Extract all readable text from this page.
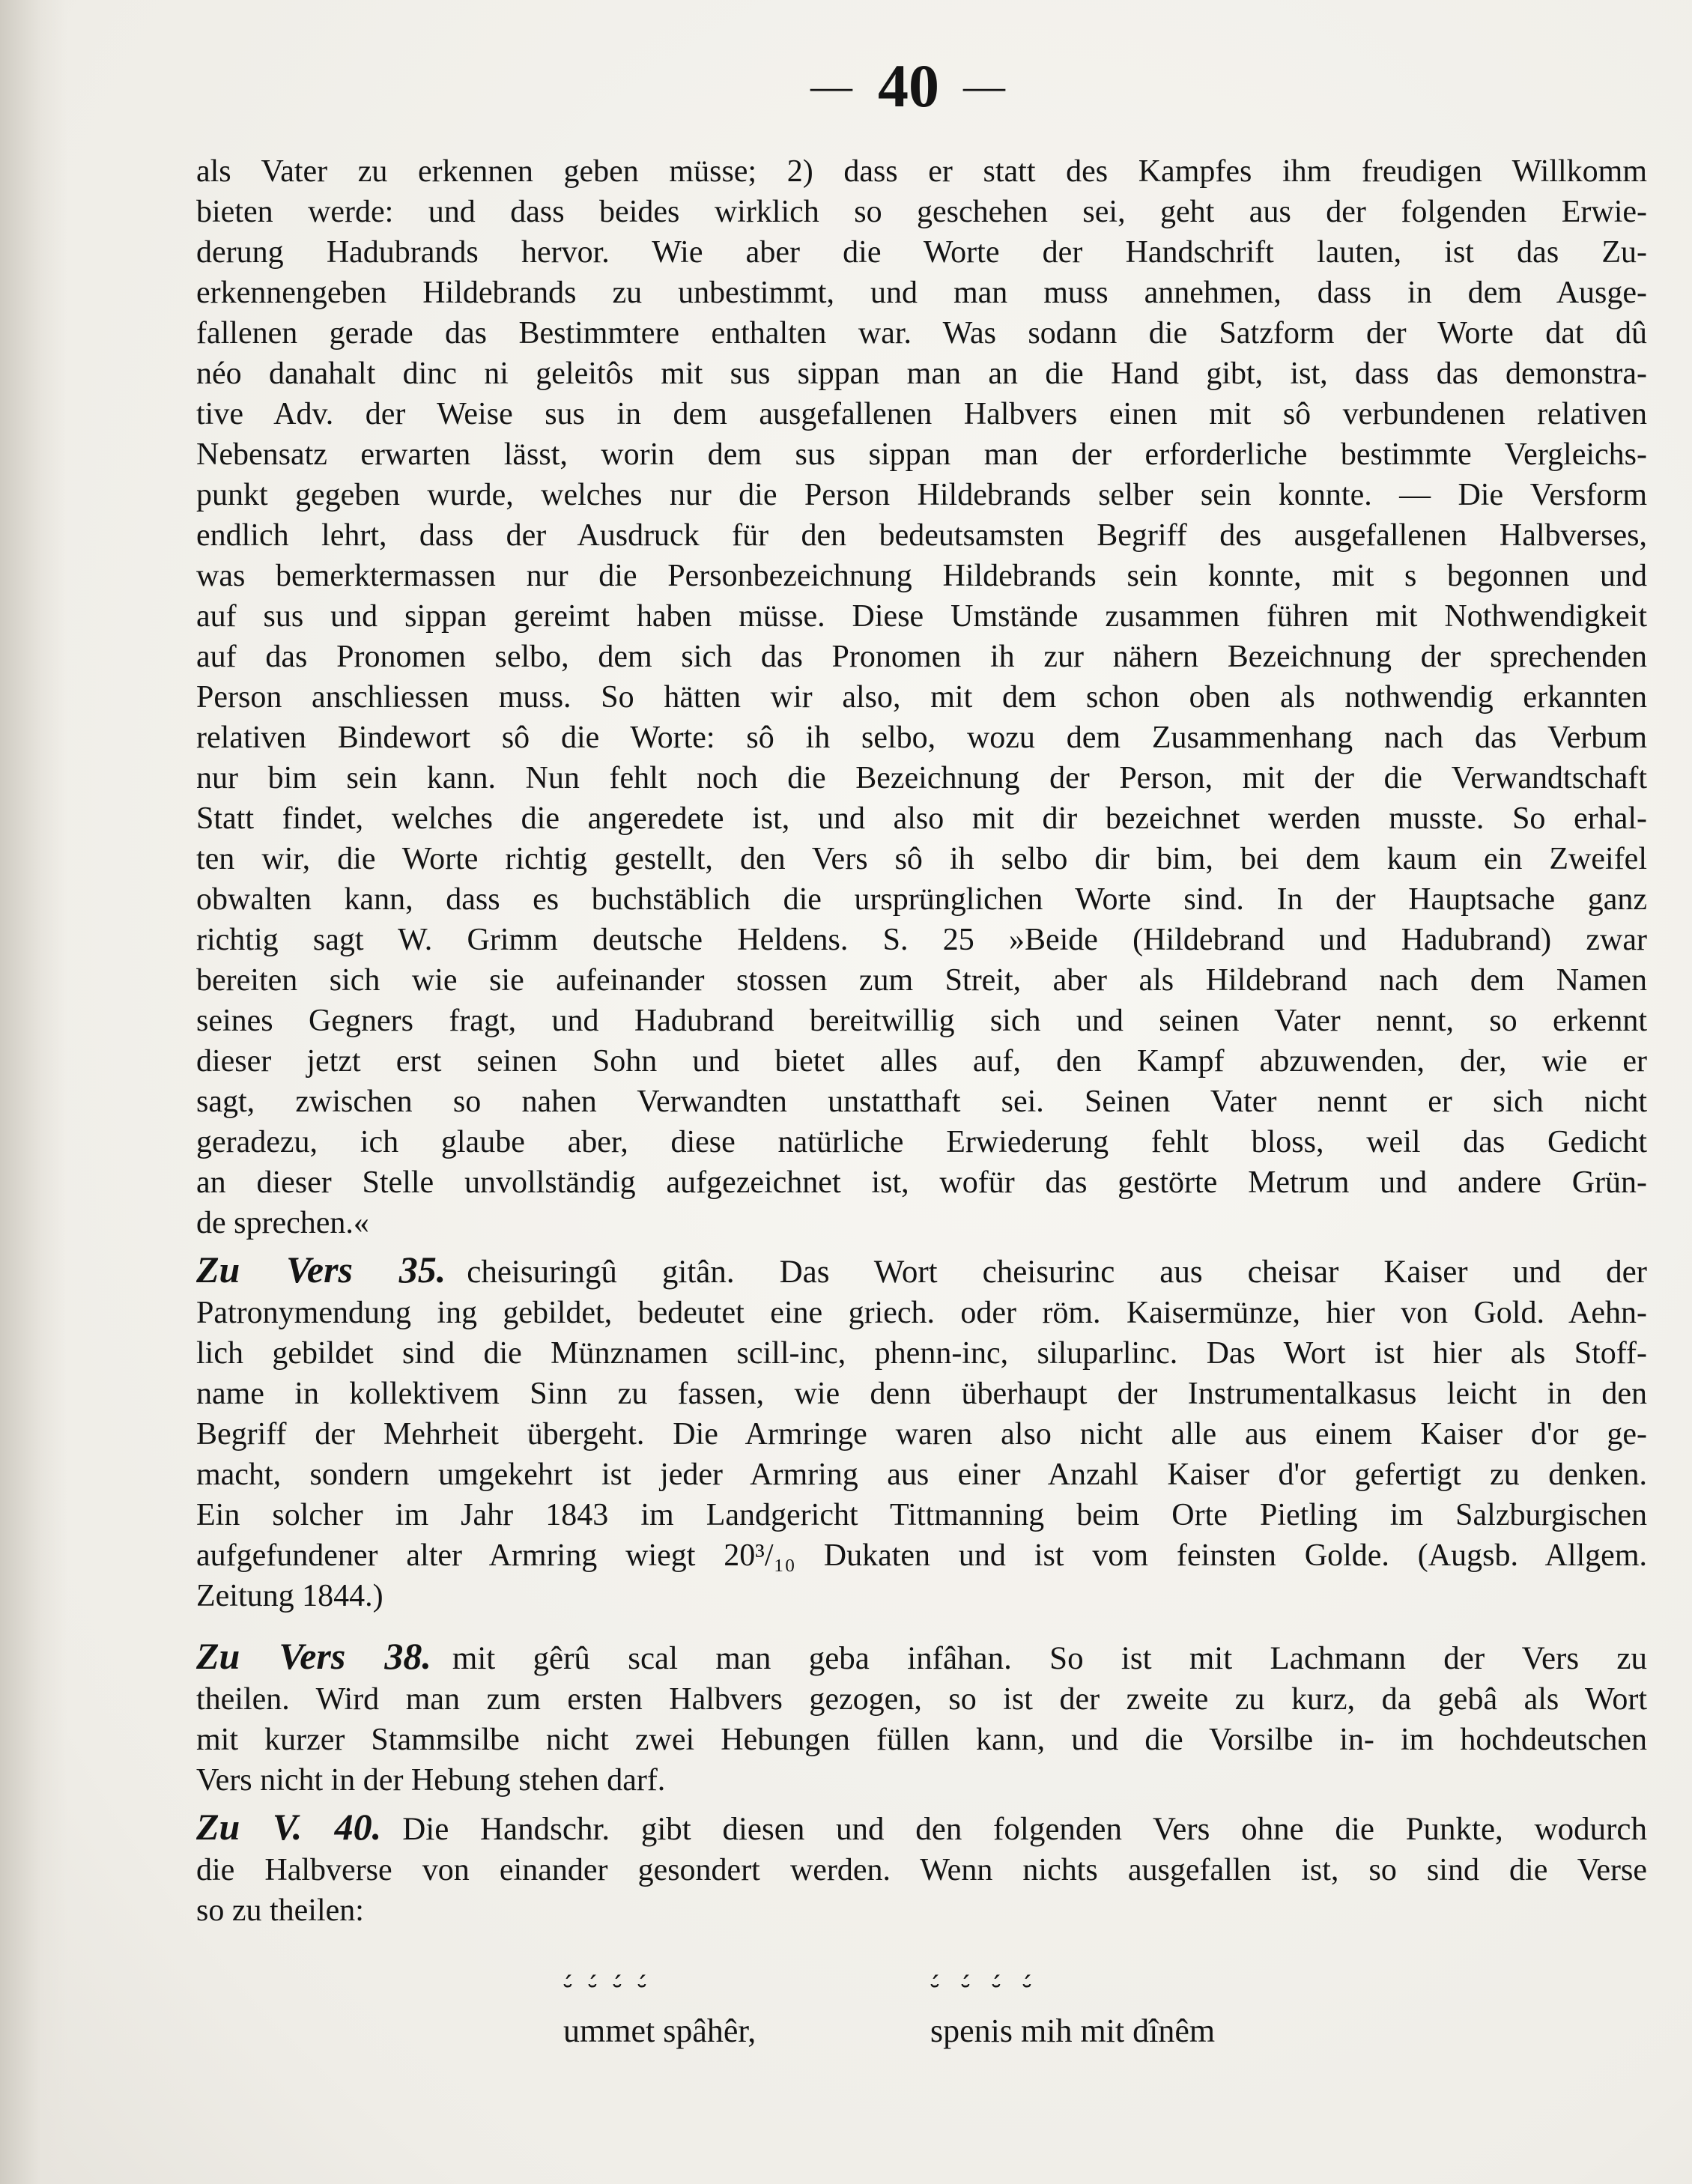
— 40 —
als Vater zu erkennen geben müsse; 2) dass er statt des Kampfes ihm freudigen Willkomm
bieten werde: und dass beides wirklich so geschehen sei, geht aus der folgenden Erwie-
derung Hadubrands hervor. Wie aber die Worte der Handschrift lauten, ist das Zu-
erkennengeben Hildebrands zu unbestimmt, und man muss annehmen, dass in dem Ausge-
fallenen gerade das Bestimmtere enthalten war. Was sodann die Satzform der Worte dat dû
néo danahalt dinc ni geleitôs mit sus sippan man an die Hand gibt, ist, dass das demonstra-
tive Adv. der Weise sus in dem ausgefallenen Halbvers einen mit sô verbundenen relativen
Nebensatz erwarten lässt, worin dem sus sippan man der erforderliche bestimmte Vergleichs-
punkt gegeben wurde, welches nur die Person Hildebrands selber sein konnte. — Die Versform
endlich lehrt, dass der Ausdruck für den bedeutsamsten Begriff des ausgefallenen Halbverses,
was bemerktermassen nur die Personbezeichnung Hildebrands sein konnte, mit s begonnen und
auf sus und sippan gereimt haben müsse. Diese Umstände zusammen führen mit Nothwendigkeit
auf das Pronomen selbo, dem sich das Pronomen ih zur nähern Bezeichnung der sprechenden
Person anschliessen muss. So hätten wir also, mit dem schon oben als nothwendig erkannten
relativen Bindewort sô die Worte: sô ih selbo, wozu dem Zusammenhang nach das Verbum
nur bim sein kann. Nun fehlt noch die Bezeichnung der Person, mit der die Verwandtschaft
Statt findet, welches die angeredete ist, und also mit dir bezeichnet werden musste. So erhal-
ten wir, die Worte richtig gestellt, den Vers sô ih selbo dir bim, bei dem kaum ein Zweifel
obwalten kann, dass es buchstäblich die ursprünglichen Worte sind. In der Hauptsache ganz
richtig sagt W. Grimm deutsche Heldens. S. 25 »Beide (Hildebrand und Hadubrand) zwar
bereiten sich wie sie aufeinander stossen zum Streit, aber als Hildebrand nach dem Namen
seines Gegners fragt, und Hadubrand bereitwillig sich und seinen Vater nennt, so erkennt
dieser jetzt erst seinen Sohn und bietet alles auf, den Kampf abzuwenden, der, wie er
sagt, zwischen so nahen Verwandten unstatthaft sei. Seinen Vater nennt er sich nicht
geradezu, ich glaube aber, diese natürliche Erwiederung fehlt bloss, weil das Gedicht
an dieser Stelle unvollständig aufgezeichnet ist, wofür das gestörte Metrum und andere Grün-
de sprechen.«
Zu Vers 35. cheisuringû gitân. Das Wort cheisurinc aus cheisar Kaiser und der
Patronymendung ing gebildet, bedeutet eine griech. oder röm. Kaisermünze, hier von Gold. Aehn-
lich gebildet sind die Münznamen scill-inc, phenn-inc, siluparlinc. Das Wort ist hier als Stoff-
name in kollektivem Sinn zu fassen, wie denn überhaupt der Instrumentalkasus leicht in den
Begriff der Mehrheit übergeht. Die Armringe waren also nicht alle aus einem Kaiser d'or ge-
macht, sondern umgekehrt ist jeder Armring aus einer Anzahl Kaiser d'or gefertigt zu denken.
Ein solcher im Jahr 1843 im Landgericht Tittmanning beim Orte Pietling im Salzburgischen
aufgefundener alter Armring wiegt 20³/₁₀ Dukaten und ist vom feinsten Golde. (Augsb. Allgem.
Zeitung 1844.)
Zu Vers 38. mit gêrû scal man geba infâhan. So ist mit Lachmann der Vers zu
theilen. Wird man zum ersten Halbvers gezogen, so ist der zweite zu kurz, da gebâ als Wort
mit kurzer Stammsilbe nicht zwei Hebungen füllen kann, und die Vorsilbe in- im hochdeutschen
Vers nicht in der Hebung stehen darf.
Zu V. 40. Die Handschr. gibt diesen und den folgenden Vers ohne die Punkte, wodurch
die Halbverse von einander gesondert werden. Wenn nichts ausgefallen ist, so sind die Verse
so zu theilen:
⏑́ ⏑́ ⏑́ ⏑́
ummet spâhêr,
⏑́ ⏑́ ⏑́ ⏑́
spenis mih mit dînêm
